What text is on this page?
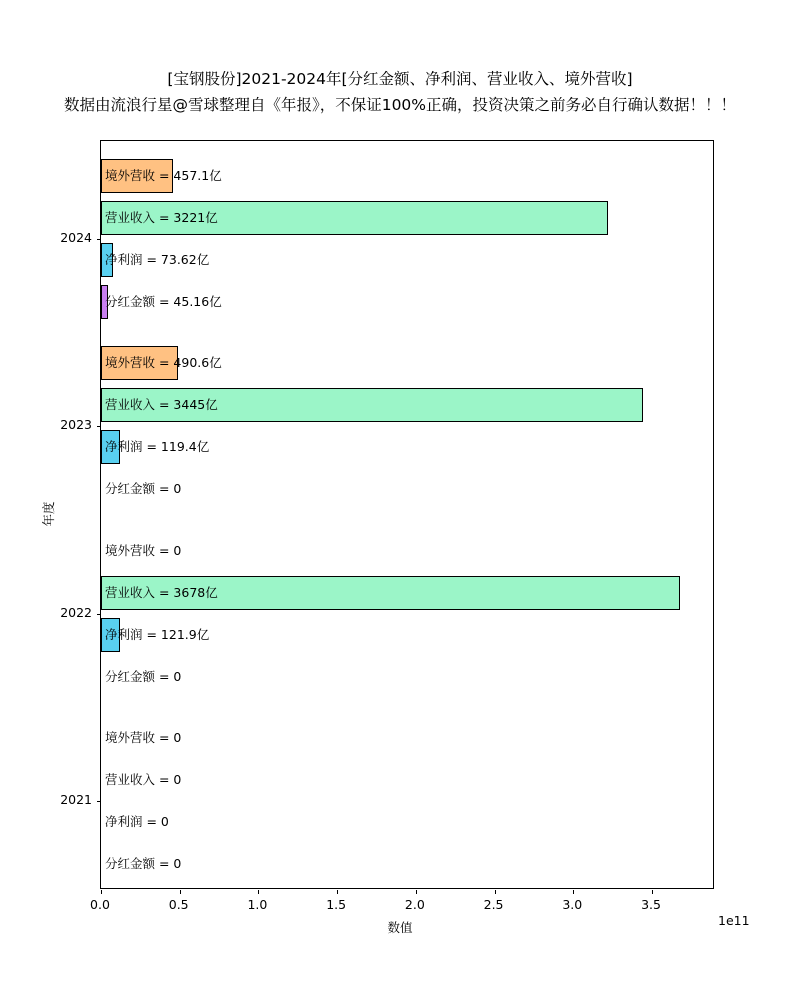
[宝钢股份]2021-2024年[分红金额、净利润、营业收入、境外营收]
数据由流浪行星@雪球整理自《年报》，不保证100%正确，投资决策之前务必自行确认数据！！！
年度
数值	1e11
境外营收 = 457.1亿
营业收入 = 3221亿
净利润 = 73.62亿
分红金额 = 45.16亿
境外营收 = 490.6亿
营业收入 = 3445亿
净利润 = 119.4亿
分红金额 = 0
境外营收 = 0
营业收入 = 3678亿
净利润 = 121.9亿
分红金额 = 0
境外营收 = 0
营业收入 = 0
净利润 = 0
分红金额 = 0
2024
2023
2022
2021
0.0	0.5	1.0	1.5	2.0	2.5	3.0	3.5
